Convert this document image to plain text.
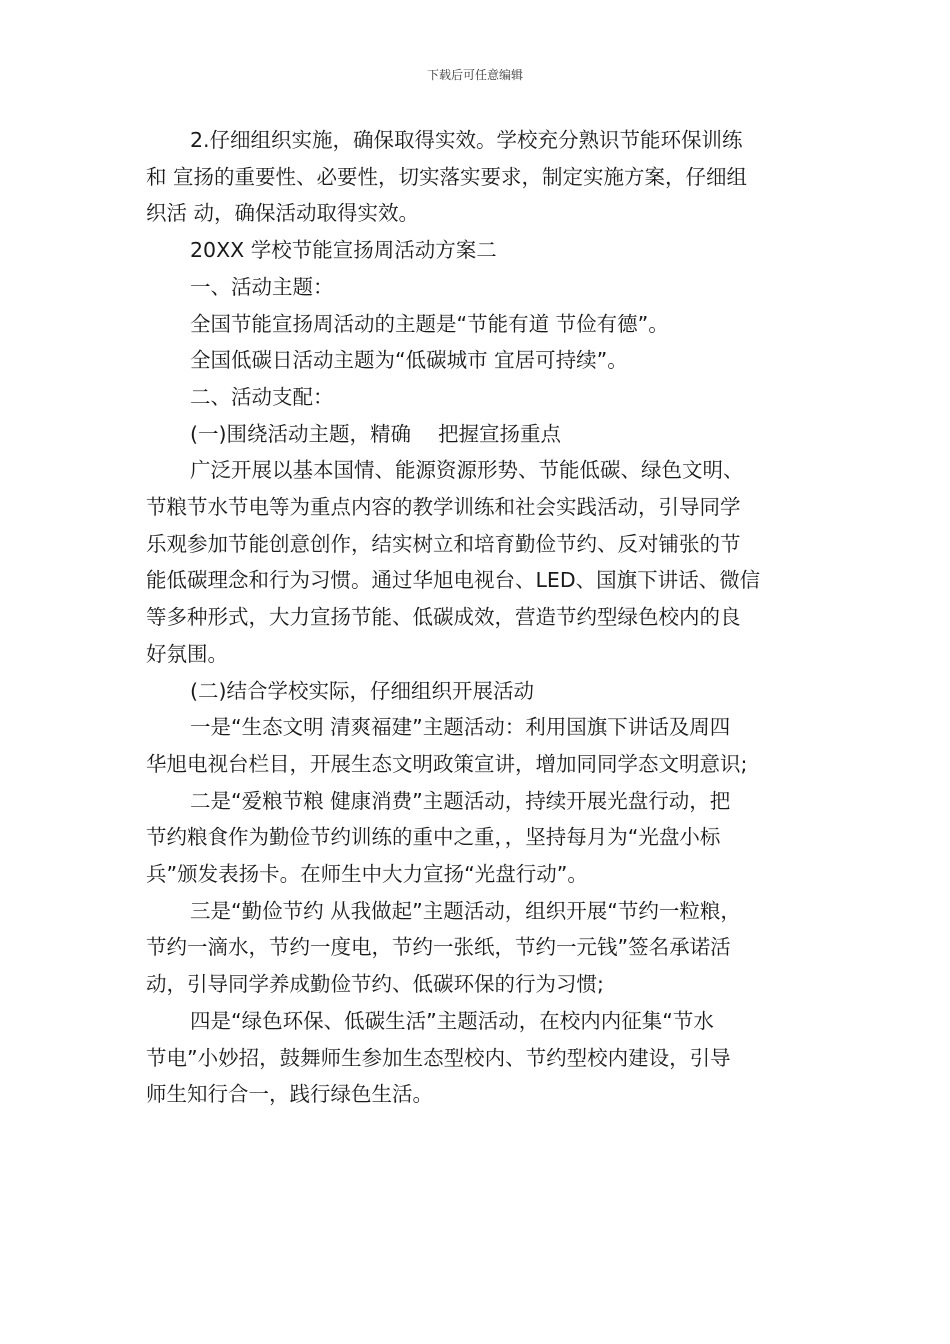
下载后可任意编辑

2.仔细组织实施，确保取得实效。学校充分熟识节能环保训练

和 宣扬的重要性、必要性，切实落实要求，制定实施方案，仔细组

织活 动，确保活动取得实效。

20XX 学校节能宣扬周活动方案二

一、活动主题：

全国节能宣扬周活动的主题是“节能有道 节俭有德”。

全国低碳日活动主题为“低碳城市 宜居可持续”。

二、活动支配：

(一)围绕活动主题，精确　 把握宣扬重点

广泛开展以基本国情、能源资源形势、节能低碳、绿色文明、

节粮节水节电等为重点内容的教学训练和社会实践活动，引导同学

乐观参加节能创意创作，结实树立和培育勤俭节约、反对铺张的节

能低碳理念和行为习惯。通过华旭电视台、LED、国旗下讲话、微信

等多种形式，大力宣扬节能、低碳成效，营造节约型绿色校内的良

好氛围。

(二)结合学校实际，仔细组织开展活动

一是“生态文明 清爽福建”主题活动：利用国旗下讲话及周四

华旭电视台栏目，开展生态文明政策宣讲，增加同同学态文明意识;

二是“爱粮节粮 健康消费”主题活动，持续开展光盘行动，把

节约粮食作为勤俭节约训练的重中之重，，坚持每月为“光盘小标

兵”颁发表扬卡。在师生中大力宣扬“光盘行动”。

三是“勤俭节约 从我做起”主题活动，组织开展“节约一粒粮，

节约一滴水，节约一度电，节约一张纸，节约一元钱”签名承诺活

动，引导同学养成勤俭节约、低碳环保的行为习惯;

四是“绿色环保、低碳生活”主题活动，在校内内征集“节水

节电”小妙招，鼓舞师生参加生态型校内、节约型校内建设，引导

师生知行合一，践行绿色生活。
